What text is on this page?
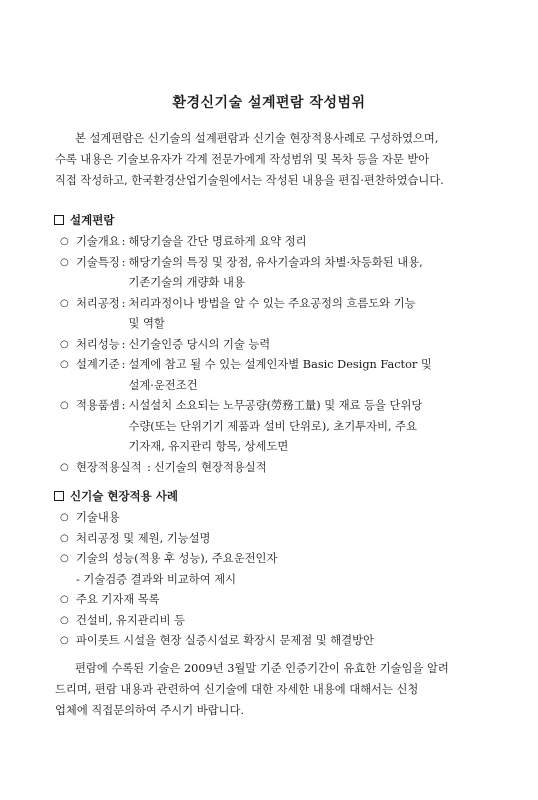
환경신기술 설계편람 작성범위
본 설계편람은 신기술의 설계편람과 신기술 현장적용사례로 구성하였으며,
수록 내용은 기술보유자가 각계 전문가에게 작성범위 및 목차 등을 자문 받아
직접 작성하고, 한국환경산업기술원에서는 작성된 내용을 편집·편찬하였습니다.
설계편람
○
기술개요 : 해당기술을 간단 명료하게 요약 정리
○
기술특징 : 해당기술의 특징 및 장점, 유사기술과의 차별·차등화된 내용,
기존기술의 개량화 내용
○
처리공정 : 처리과정이나 방법을 알 수 있는 주요공정의 흐름도와 기능
및 역할
○
처리성능 : 신기술인증 당시의 기술 능력
○
설계기준 : 설계에 참고 될 수 있는 설계인자별 Basic Design Factor 및
설계·운전조건
○
적용품셈 : 시설설치 소요되는 노무공량(勞務工量) 및 재료 등을 단위당
수량(또는 단위기기 제품과 설비 단위로), 초기투자비, 주요
기자재, 유지관리 항목, 상세도면
○
현장적용실적 : 신기술의 현장적용실적
신기술 현장적용 사례
○
기술내용
○
처리공정 및 제원, 기능설명
○
기술의 성능(적용 후 성능), 주요운전인자
- 기술검증 결과와 비교하여 제시
○
주요 기자재 목록
○
건설비, 유지관리비 등
○
파이롯트 시설을 현장 실증시설로 확장시 문제점 및 해결방안
편람에 수록된 기술은 2009년 3월말 기준 인증기간이 유효한 기술임을 알려
드리며, 편람 내용과 관련하여 신기술에 대한 자세한 내용에 대해서는 신청
업체에 직접문의하여 주시기 바랍니다.
